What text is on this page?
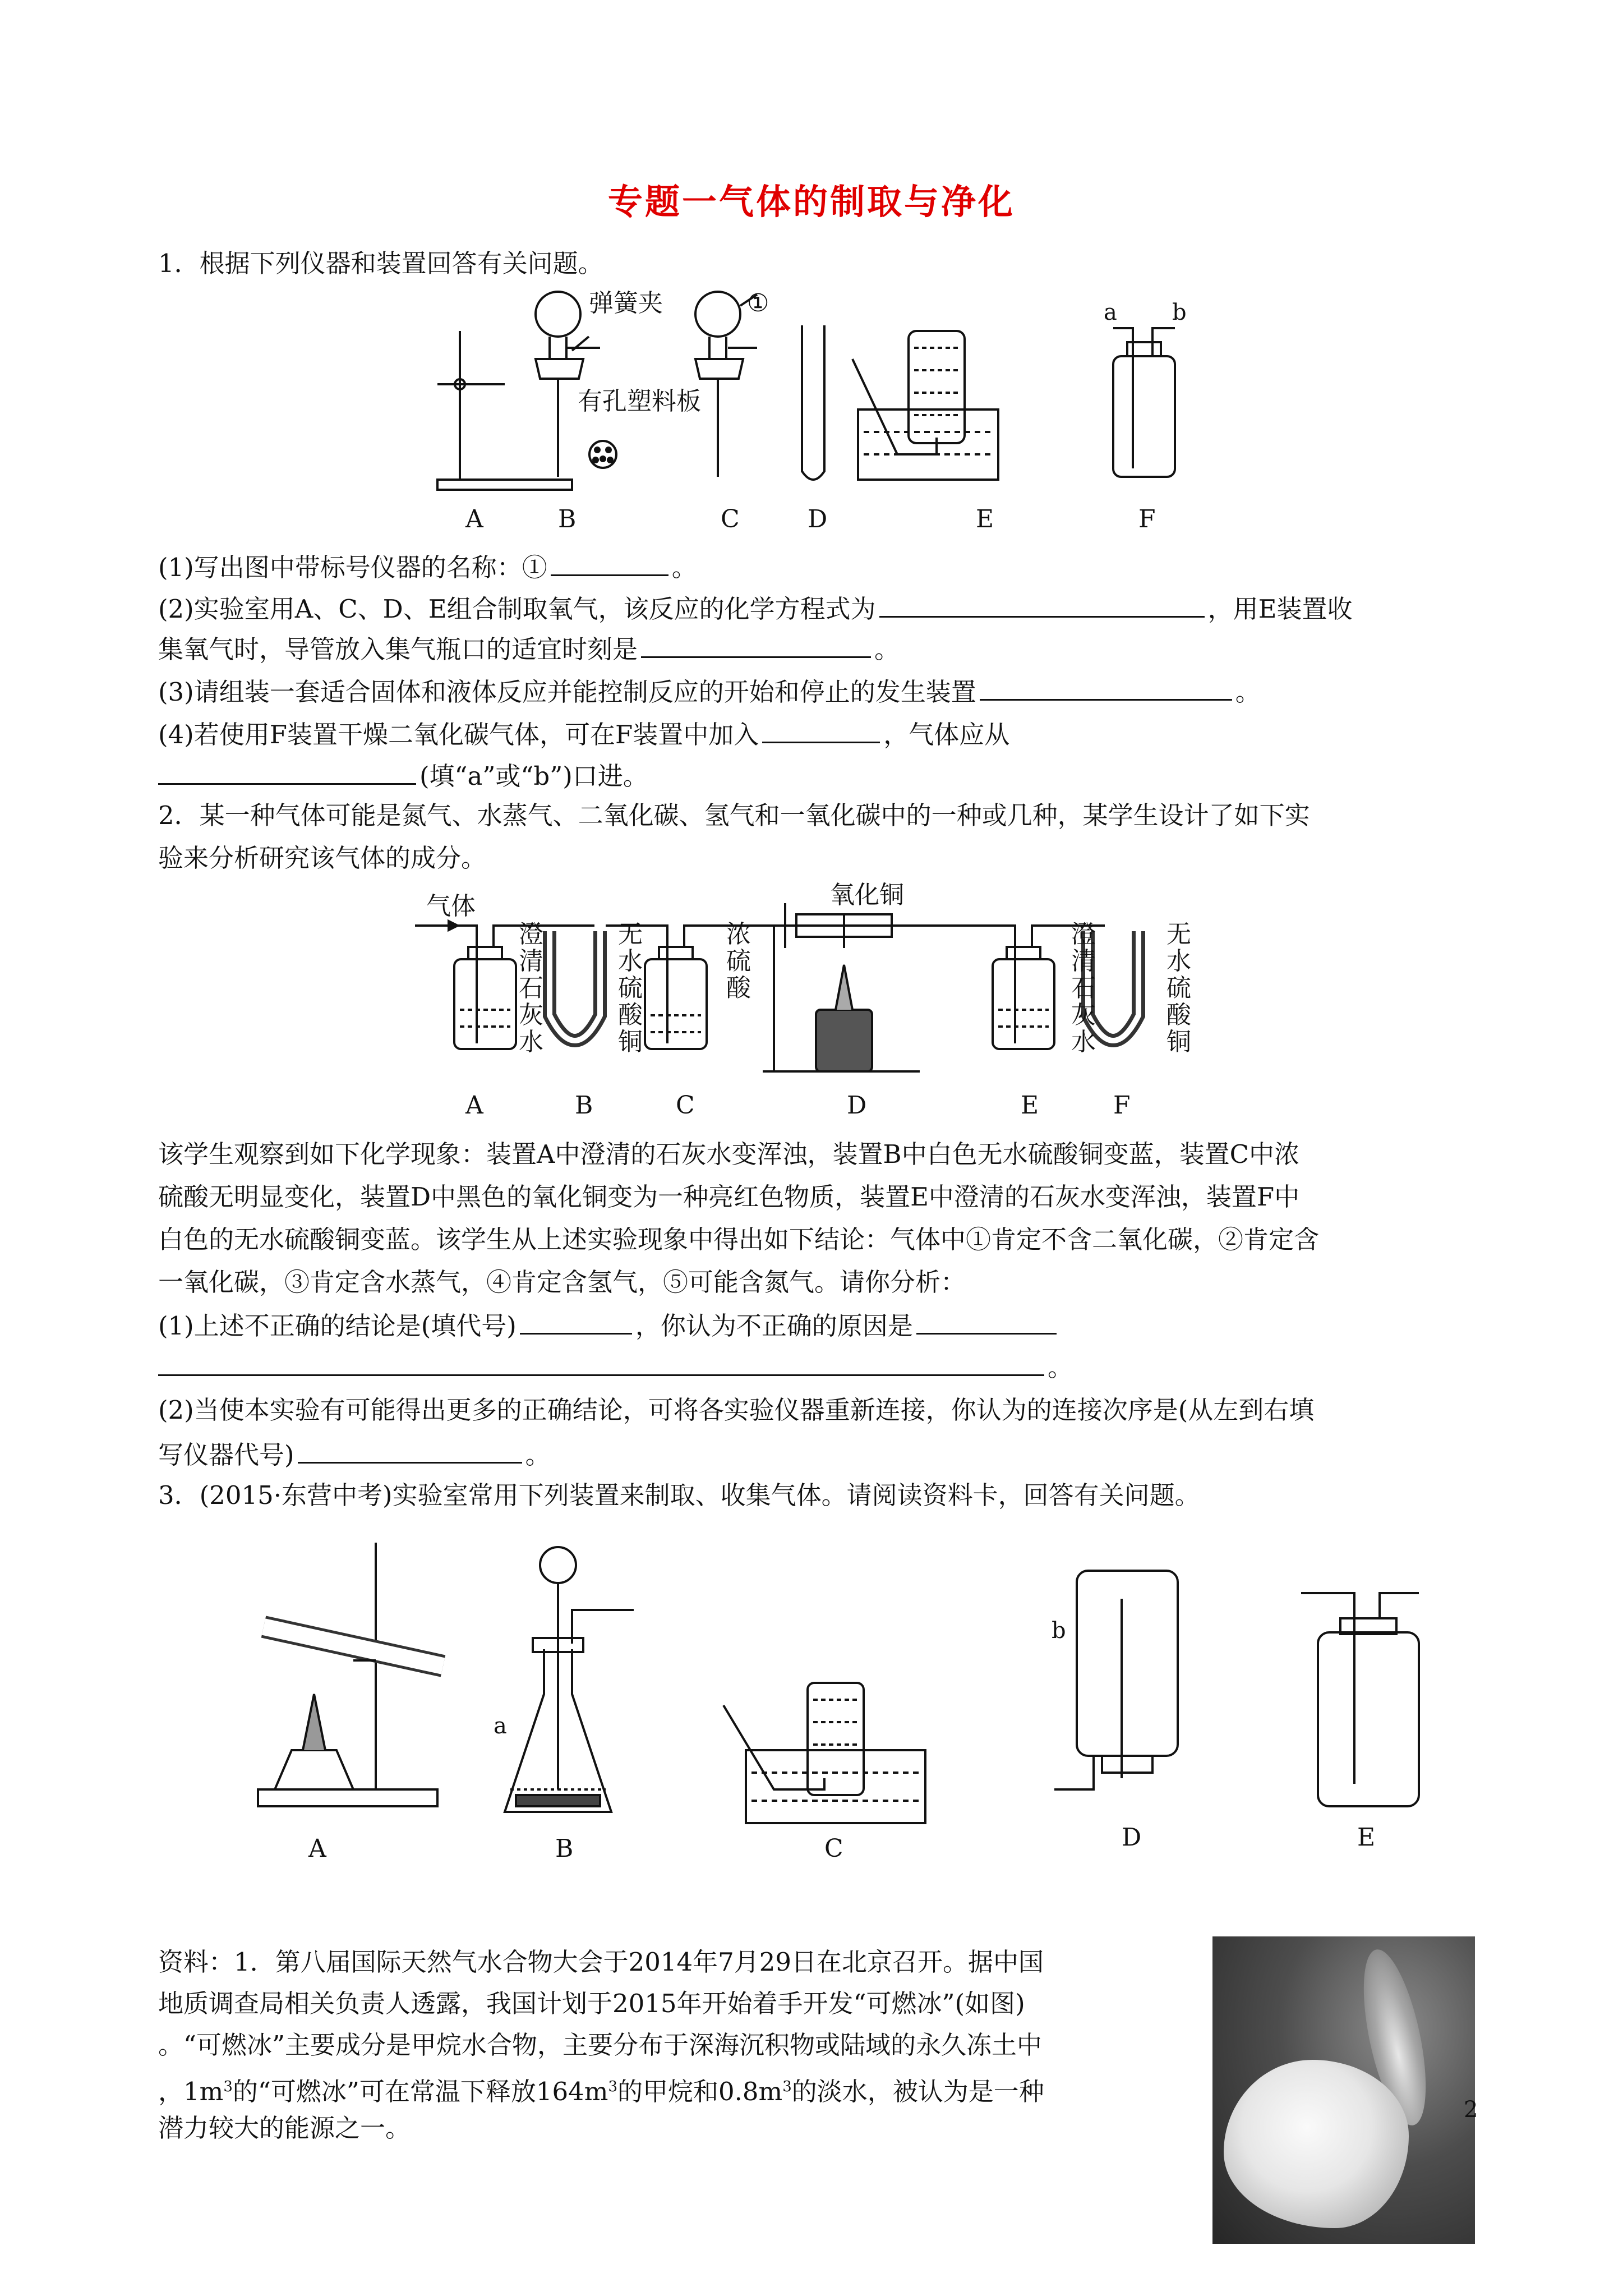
专题一气体的制取与净化
1．根据下列仪器和装置回答有关问题。
弹簧夹
有孔塑料板
①	a b
A	B	C	D	E	F
(1)写出图中带标号仪器的名称：①	。
(2)实验室用A、C、D、E组合制取氧气，该反应的化学方程式为	，用E装置收
集氧气时，导管放入集气瓶口的适宜时刻是	。
(3)请组装一套适合固体和液体反应并能控制反应的开始和停止的发生装置	。
(4)若使用F装置干燥二氧化碳气体，可在F装置中加入	，气体应从
(填“a”或“b”)口进。
2．某一种气体可能是氮气、水蒸气、二氧化碳、氢气和一氧化碳中的一种或几种，某学生设计了如下实
验来分析研究该气体的成分。
气体	氧化铜
澄清石灰水
无水硫酸铜
浓硫酸
澄清石灰水
无水硫酸铜
A	B	C	D	E	F
该学生观察到如下化学现象：装置A中澄清的石灰水变浑浊，装置B中白色无水硫酸铜变蓝，装置C中浓
硫酸无明显变化，装置D中黑色的氧化铜变为一种亮红色物质，装置E中澄清的石灰水变浑浊，装置F中
白色的无水硫酸铜变蓝。该学生从上述实验现象中得出如下结论：气体中①肯定不含二氧化碳，②肯定含
一氧化碳，③肯定含水蒸气，④肯定含氢气，⑤可能含氮气。请你分析：
(1)上述不正确的结论是(填代号)	，你认为不正确的原因是
。
(2)当使本实验有可能得出更多的正确结论，可将各实验仪器重新连接，你认为的连接次序是(从左到右填
写仪器代号)	。
3．(2015·东营中考)实验室常用下列装置来制取、收集气体。请阅读资料卡，回答有关问题。
a
b
A	B	C	D	E
资料：1．第八届国际天然气水合物大会于2014年7月29日在北京召开。据中国
地质调查局相关负责人透露，我国计划于2015年开始着手开发“可燃冰”(如图)
。“可燃冰”主要成分是甲烷水合物，主要分布于深海沉积物或陆域的永久冻土中
，$1m^3$的“可燃冰”可在常温下释放$164m^3$的甲烷和$0.8m^3$的淡水，被认为是一种
潜力较大的能源之一。
2
